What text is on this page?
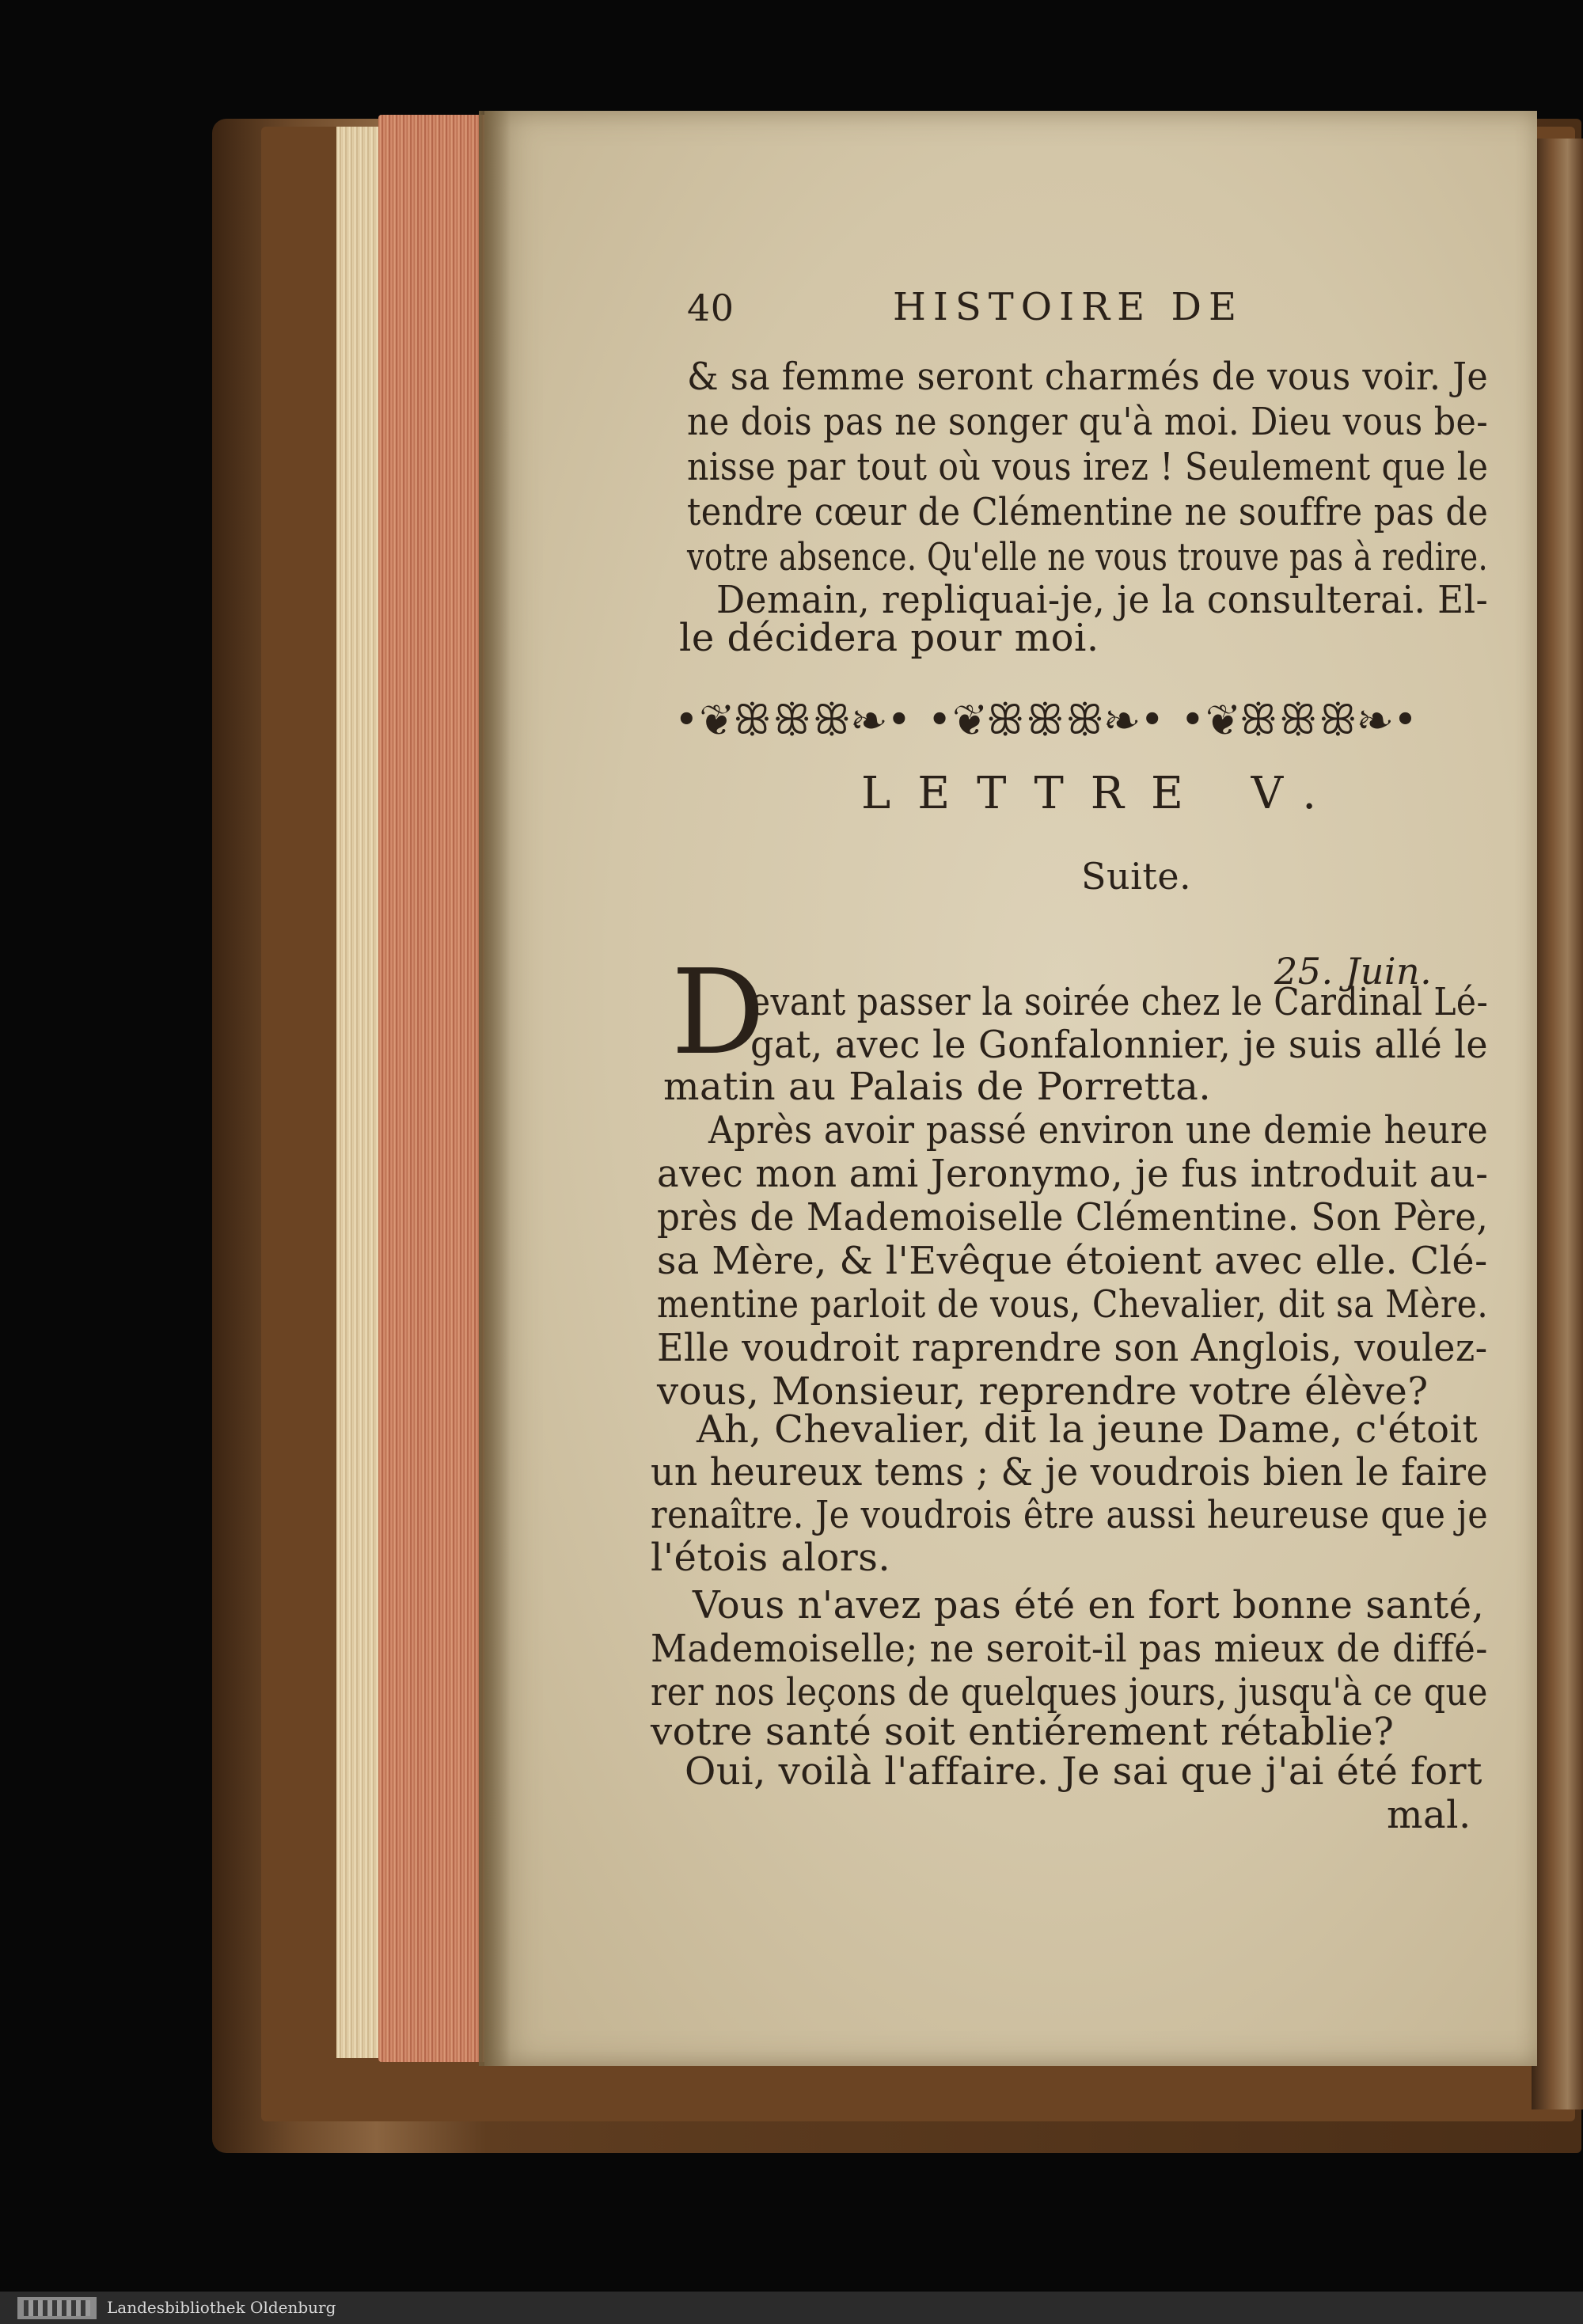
40	HISTOIRE DE
& sa femme seront charmés de vous voir. Je
ne dois pas ne songer qu'à moi. Dieu vous be-
nisse par tout où vous irez ! Seulement que le
tendre cœur de Clémentine ne souffre pas de
votre absence. Qu'elle ne vous trouve pas à redire.
Demain, repliquai-je, je la consulterai. El-
le décidera pour moi.
•❦ꕥꕥꕥ❧• •❦ꕥꕥꕥ❧• •❦ꕥꕥꕥ❧•
LETTRE V.
Suite.
25. Juin.
D
evant passer la soirée chez le Cardinal Lé-
gat, avec le Gonfalonnier, je suis allé le
matin au Palais de Porretta.
Après avoir passé environ une demie heure
avec mon ami Jeronymo, je fus introduit au-
près de Mademoiselle Clémentine. Son Père,
sa Mère, & l'Evêque étoient avec elle. Clé-
mentine parloit de vous, Chevalier, dit sa Mère.
Elle voudroit raprendre son Anglois, voulez-
vous, Monsieur, reprendre votre élève?
Ah, Chevalier, dit la jeune Dame, c'étoit
un heureux tems ; & je voudrois bien le faire
renaître. Je voudrois être aussi heureuse que je
l'étois alors.
Vous n'avez pas été en fort bonne santé,
Mademoiselle; ne seroit-il pas mieux de diffé-
rer nos leçons de quelques jours, jusqu'à ce que
votre santé soit entiérement rétablie?
Oui, voilà l'affaire. Je sai que j'ai été fort
mal.
Landesbibliothek Oldenburg
